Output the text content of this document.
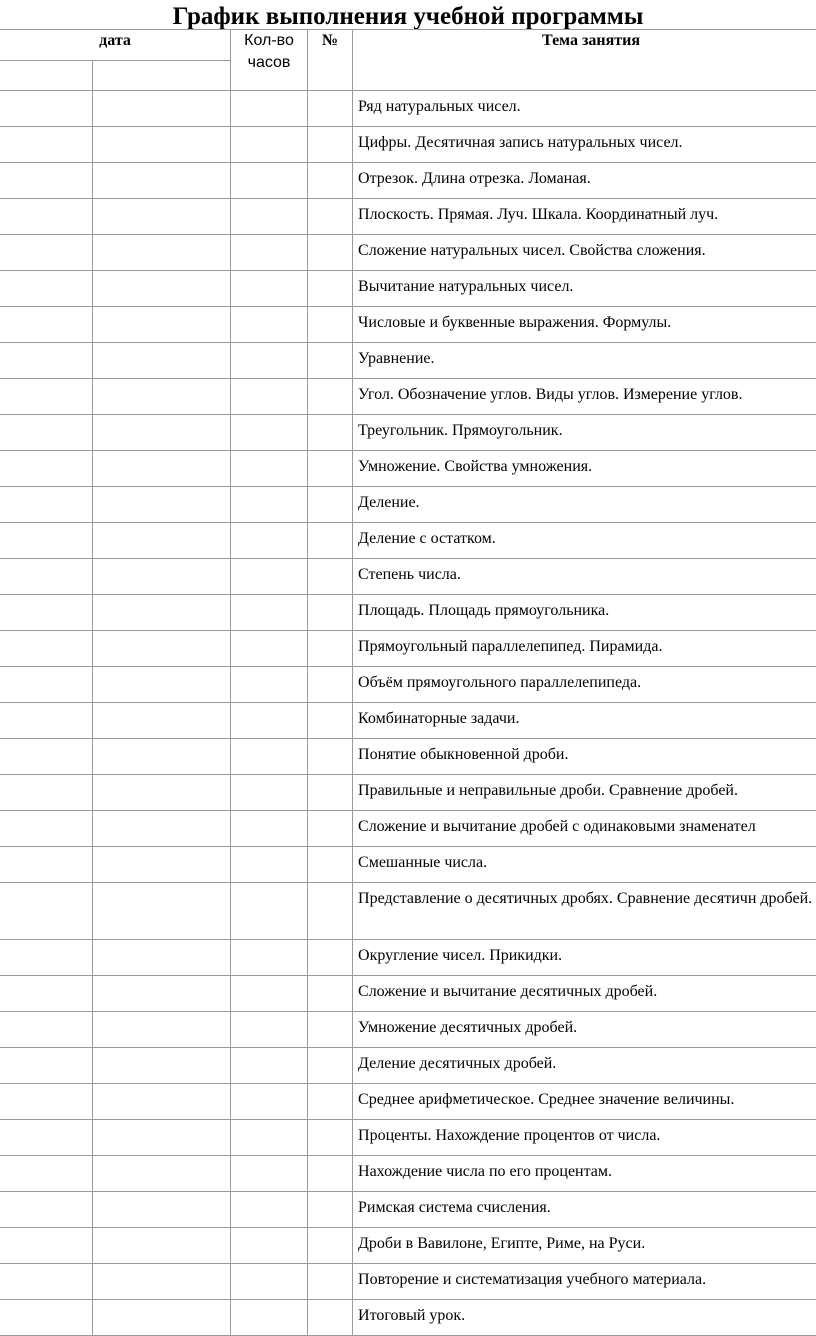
График выполнения учебной программы
дата		Кол-во часов	№	Тема занятия

				Ряд натуральных чисел.
				Цифры. Десятичная запись натуральных чисел.
				Отрезок. Длина отрезка. Ломаная.
				Плоскость. Прямая. Луч. Шкала. Координатный луч.
				Сложение натуральных чисел. Свойства сложения.
				Вычитание натуральных чисел.
				Числовые и буквенные выражения. Формулы.
				Уравнение.
				Угол. Обозначение углов. Виды углов. Измерение углов.
				Треугольник. Прямоугольник.
				Умножение. Свойства умножения.
				Деление.
				Деление с остатком.
				Степень числа.
				Площадь. Площадь прямоугольника.
				Прямоугольный параллелепипед. Пирамида.
				Объём прямоугольного параллелепипеда.
				Комбинаторные задачи.
				Понятие обыкновенной дроби.
				Правильные и неправильные дроби. Сравнение дробей.
				Сложение и вычитание дробей с одинаковыми знаменател
				Смешанные числа.
				Представление о десятичных дробях. Сравнение десятичн дробей.
				Округление чисел. Прикидки.
				Сложение и вычитание десятичных дробей.
				Умножение десятичных дробей.
				Деление десятичных дробей.
				Среднее арифметическое. Среднее значение величины.
				Проценты. Нахождение процентов от числа.
				Нахождение числа по его процентам.
				Римская система счисления.
				Дроби в Вавилоне, Египте, Риме, на Руси.
				Повторение и систематизация учебного материала.
				Итоговый урок.
